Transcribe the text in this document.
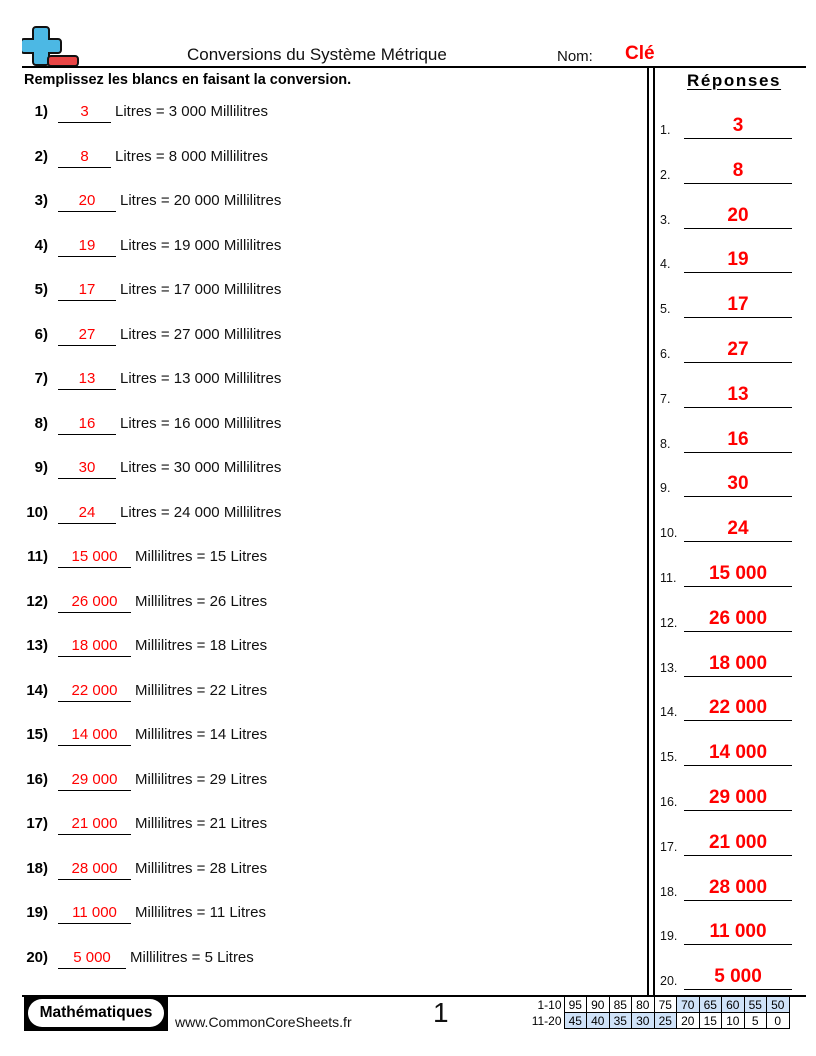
Conversions du Système Métrique	Nom: Clé
Remplissez les blancs en faisant la conversion.	Réponses
1)	3	Litres = 3 000 Millilitres
2)	8	Litres = 8 000 Millilitres
3)	20	Litres = 20 000 Millilitres
4)	19	Litres = 19 000 Millilitres
5)	17	Litres = 17 000 Millilitres
6)	27	Litres = 27 000 Millilitres
7)	13	Litres = 13 000 Millilitres
8)	16	Litres = 16 000 Millilitres
9)	30	Litres = 30 000 Millilitres
10)	24	Litres = 24 000 Millilitres
11)	15 000	Millilitres = 15 Litres
12)	26 000	Millilitres = 26 Litres
13)	18 000	Millilitres = 18 Litres
14)	22 000	Millilitres = 22 Litres
15)	14 000	Millilitres = 14 Litres
16)	29 000	Millilitres = 29 Litres
17)	21 000	Millilitres = 21 Litres
18)	28 000	Millilitres = 28 Litres
19)	11 000	Millilitres = 11 Litres
20)	5 000	Millilitres = 5 Litres
1.	3
2.	8
3.	20
4.	19
5.	17
6.	27
7.	13
8.	16
9.	30
10.	24
11.	15 000
12.	26 000
13.	18 000
14.	22 000
15.	14 000
16.	29 000
17.	21 000
18.	28 000
19.	11 000
20.	5 000
Mathématiques
www.CommonCoreSheets.fr	1	1-10	95	90	85	80	75	70	65	60	55	50
11-20	45	40	35	30	25	20	15	10	5	0
